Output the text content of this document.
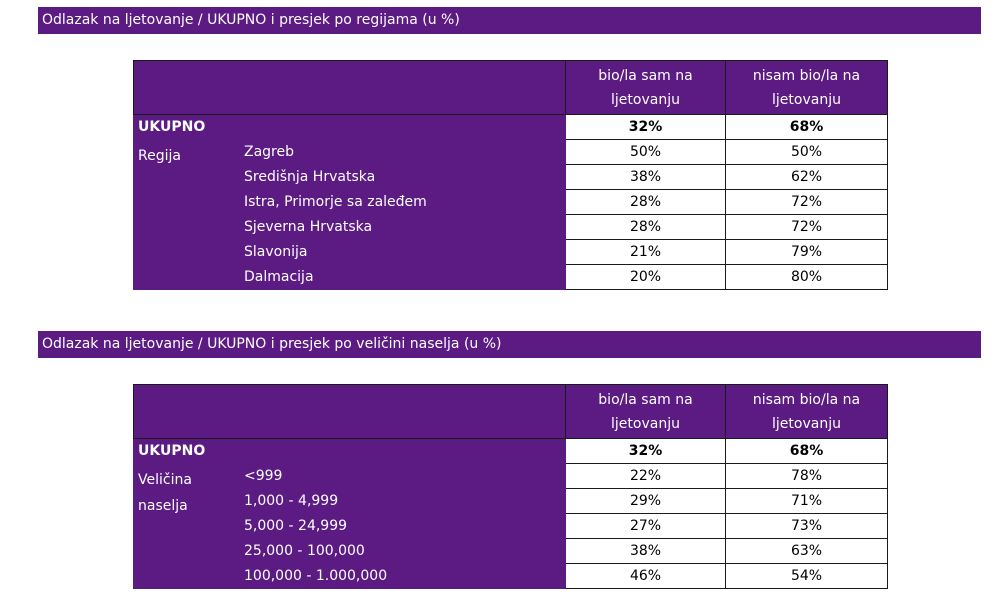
Odlazak na ljetovanje / UKUPNO i presjek po regijama (u %)
		bio/la sam na ljetovanju	nisam bio/la na ljetovanju
UKUPNO		32%	68%
Regija	Zagreb	50%	50%
	Središnja Hrvatska	38%	62%
	Istra, Primorje sa zaleđem	28%	72%
	Sjeverna Hrvatska	28%	72%
	Slavonija	21%	79%
	Dalmacija	20%	80%
Odlazak na ljetovanje / UKUPNO i presjek po veličini naselja (u %)
		bio/la sam na ljetovanju	nisam bio/la na ljetovanju
UKUPNO		32%	68%
Veličina naselja	<999	22%	78%
	1,000 - 4,999	29%	71%
	5,000 - 24,999	27%	73%
	25,000 - 100,000	38%	63%
	100,000 - 1.000,000	46%	54%
